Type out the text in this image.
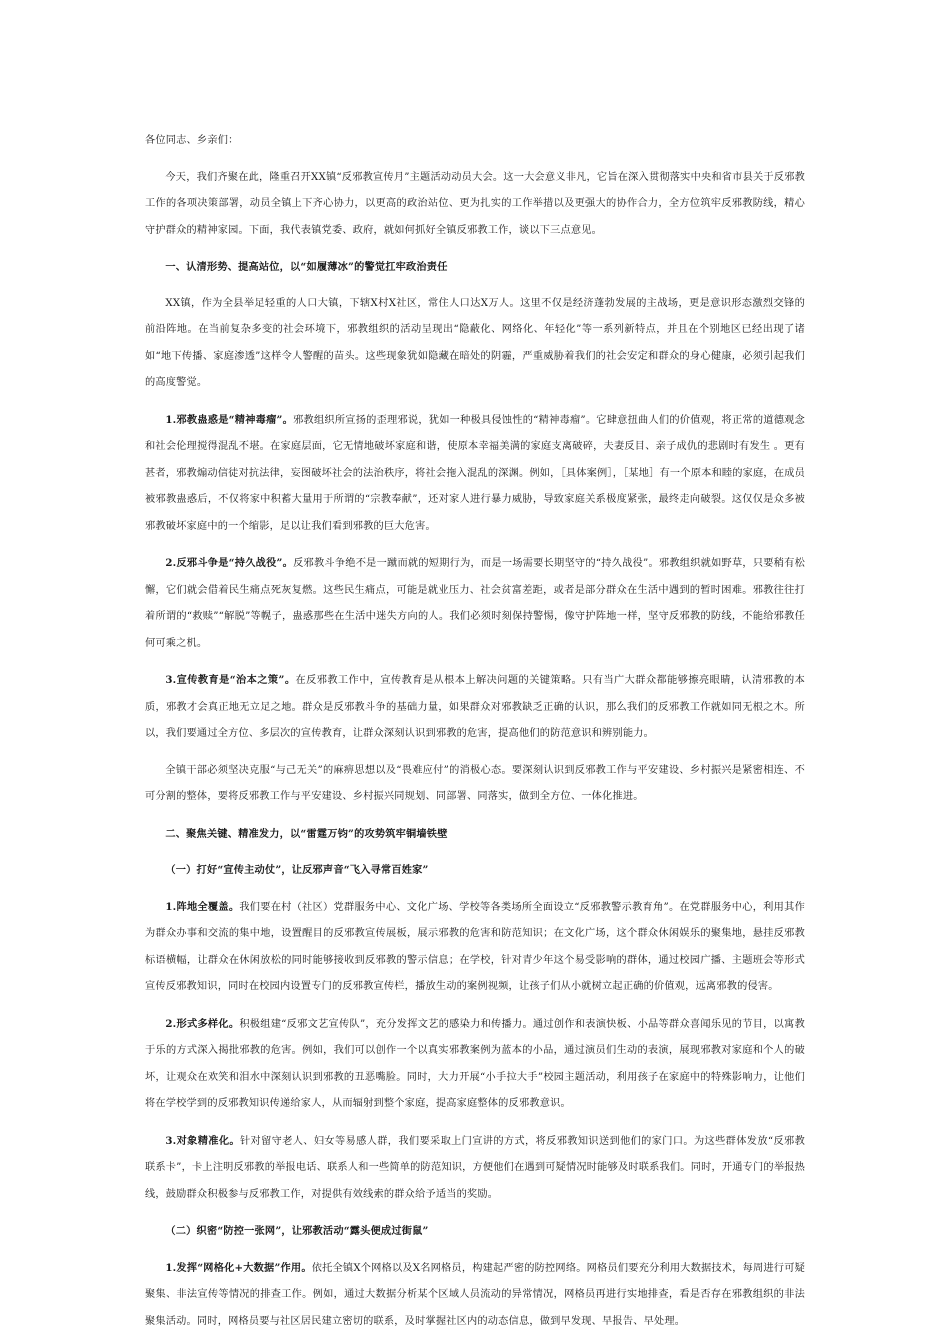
各位同志、乡亲们：

今天，我们齐聚在此，隆重召开XX镇“反邪教宣传月”主题活动动员大会。这一大会意义非凡，它旨在深入贯彻落实中央和省市县关于反邪教工作的各项决策部署，动员全镇上下齐心协力，以更高的政治站位、更为扎实的工作举措以及更强大的协作合力，全方位筑牢反邪教防线，精心守护群众的精神家园。下面，我代表镇党委、政府，就如何抓好全镇反邪教工作，谈以下三点意见。

一、认清形势、提高站位，以“如履薄冰”的警觉扛牢政治责任

XX镇，作为全县举足轻重的人口大镇，下辖X村X社区，常住人口达X万人。这里不仅是经济蓬勃发展的主战场，更是意识形态激烈交锋的前沿阵地。在当前复杂多变的社会环境下，邪教组织的活动呈现出“隐蔽化、网络化、年轻化”等一系列新特点，并且在个别地区已经出现了诸如“地下传播、家庭渗透”这样令人警醒的苗头。这些现象犹如隐藏在暗处的阴霾，严重威胁着我们的社会安定和群众的身心健康，必须引起我们的高度警觉。

1.邪教蛊惑是“精神毒瘤”。邪教组织所宣扬的歪理邪说，犹如一种极具侵蚀性的“精神毒瘤”。它肆意扭曲人们的价值观，将正常的道德观念和社会伦理搅得混乱不堪。在家庭层面，它无情地破坏家庭和谐，使原本幸福美满的家庭支离破碎，夫妻反目、亲子成仇的悲剧时有发生 。更有甚者，邪教煽动信徒对抗法律，妄图破坏社会的法治秩序，将社会拖入混乱的深渊。例如，［具体案例］，［某地］有一个原本和睦的家庭，在成员被邪教蛊惑后，不仅将家中积蓄大量用于所谓的“宗教奉献”，还对家人进行暴力威胁，导致家庭关系极度紧张，最终走向破裂。这仅仅是众多被邪教破坏家庭中的一个缩影，足以让我们看到邪教的巨大危害。

2.反邪斗争是“持久战役”。反邪教斗争绝不是一蹴而就的短期行为，而是一场需要长期坚守的“持久战役”。邪教组织就如野草，只要稍有松懈，它们就会借着民生痛点死灰复燃。这些民生痛点，可能是就业压力、社会贫富差距，或者是部分群众在生活中遇到的暂时困难。邪教往往打着所谓的“救赎”“解脱”等幌子，蛊惑那些在生活中迷失方向的人。我们必须时刻保持警惕，像守护阵地一样，坚守反邪教的防线，不能给邪教任何可乘之机。

3.宣传教育是“治本之策”。在反邪教工作中，宣传教育是从根本上解决问题的关键策略。只有当广大群众都能够擦亮眼睛，认清邪教的本质，邪教才会真正地无立足之地。群众是反邪教斗争的基础力量，如果群众对邪教缺乏正确的认识，那么我们的反邪教工作就如同无根之木。所以，我们要通过全方位、多层次的宣传教育，让群众深刻认识到邪教的危害，提高他们的防范意识和辨别能力。

全镇干部必须坚决克服“与己无关”的麻痹思想以及“畏难应付”的消极心态。要深刻认识到反邪教工作与平安建设、乡村振兴是紧密相连、不可分割的整体，要将反邪教工作与平安建设、乡村振兴同规划、同部署、同落实，做到全方位、一体化推进。

二、聚焦关键、精准发力，以“雷霆万钧”的攻势筑牢铜墙铁壁

（一）打好“宣传主动仗”，让反邪声音“飞入寻常百姓家”

1.阵地全覆盖。我们要在村（社区）党群服务中心、文化广场、学校等各类场所全面设立“反邪教警示教育角”。在党群服务中心，利用其作为群众办事和交流的集中地，设置醒目的反邪教宣传展板，展示邪教的危害和防范知识；在文化广场，这个群众休闲娱乐的聚集地，悬挂反邪教标语横幅，让群众在休闲放松的同时能够接收到反邪教的警示信息；在学校，针对青少年这个易受影响的群体，通过校园广播、主题班会等形式宣传反邪教知识，同时在校园内设置专门的反邪教宣传栏，播放生动的案例视频，让孩子们从小就树立起正确的价值观，远离邪教的侵害。

2.形式多样化。积极组建“反邪文艺宣传队”，充分发挥文艺的感染力和传播力。通过创作和表演快板、小品等群众喜闻乐见的节目，以寓教于乐的方式深入揭批邪教的危害。例如，我们可以创作一个以真实邪教案例为蓝本的小品，通过演员们生动的表演，展现邪教对家庭和个人的破坏，让观众在欢笑和泪水中深刻认识到邪教的丑恶嘴脸。同时，大力开展“小手拉大手”校园主题活动，利用孩子在家庭中的特殊影响力，让他们将在学校学到的反邪教知识传递给家人，从而辐射到整个家庭，提高家庭整体的反邪教意识。

3.对象精准化。针对留守老人、妇女等易感人群，我们要采取上门宣讲的方式，将反邪教知识送到他们的家门口。为这些群体发放“反邪教联系卡”，卡上注明反邪教的举报电话、联系人和一些简单的防范知识，方便他们在遇到可疑情况时能够及时联系我们。同时，开通专门的举报热线，鼓励群众积极参与反邪教工作，对提供有效线索的群众给予适当的奖励。

（二）织密“防控一张网”，让邪教活动“露头便成过街鼠”

1.发挥“网格化+大数据”作用。依托全镇X个网格以及X名网格员，构建起严密的防控网络。网格员们要充分利用大数据技术，每周进行可疑聚集、非法宣传等情况的排查工作。例如，通过大数据分析某个区域人员流动的异常情况，网格员再进行实地排查，看是否存在邪教组织的非法聚集活动。同时，网格员要与社区居民建立密切的联系，及时掌握社区内的动态信息，做到早发现、早报告、早处理。
